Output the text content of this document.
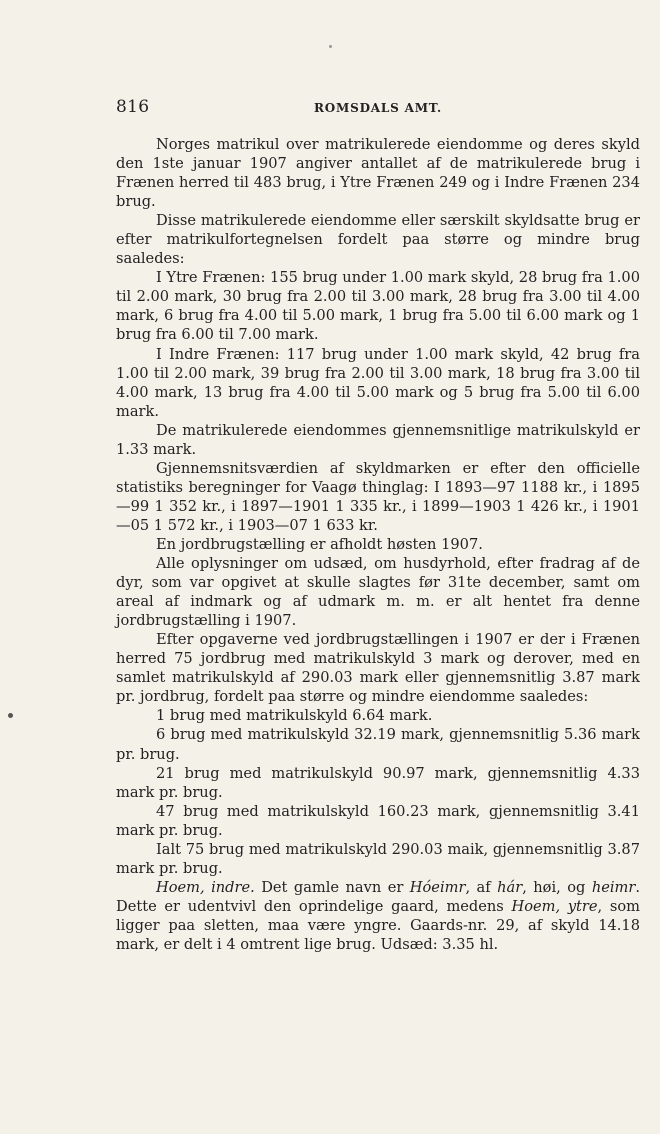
816	ROMSDALS AMT.

Norges matrikul over matrikulerede eiendomme og deres skyld den 1ste januar 1907 angiver antallet af de matrikulerede brug i Frænen herred til 483 brug, i Ytre Frænen 249 og i Indre Frænen 234 brug.

Disse matrikulerede eiendomme eller særskilt skyldsatte brug er efter matrikulfortegnelsen fordelt paa større og mindre brug saaledes:

I Ytre Frænen: 155 brug under 1.00 mark skyld, 28 brug fra 1.00 til 2.00 mark, 30 brug fra 2.00 til 3.00 mark, 28 brug fra 3.00 til 4.00 mark, 6 brug fra 4.00 til 5.00 mark, 1 brug fra 5.00 til 6.00 mark og 1 brug fra 6.00 til 7.00 mark.

I Indre Frænen: 117 brug under 1.00 mark skyld, 42 brug fra 1.00 til 2.00 mark, 39 brug fra 2.00 til 3.00 mark, 18 brug fra 3.00 til 4.00 mark, 13 brug fra 4.00 til 5.00 mark og 5 brug fra 5.00 til 6.00 mark.

De matrikulerede eiendommes gjennemsnitlige matrikulskyld er 1.33 mark.

Gjennemsnitsværdien af skyldmarken er efter den officielle statistiks beregninger for Vaagø thinglag: I 1893—97 1188 kr., i 1895—99 1 352 kr., i 1897—1901 1 335 kr., i 1899—1903 1 426 kr., i 1901—05 1 572 kr., i 1903—07 1 633 kr.

En jordbrugstælling er afholdt høsten 1907.

Alle oplysninger om udsæd, om husdyrhold, efter fradrag af de dyr, som var opgivet at skulle slagtes før 31te december, samt om areal af indmark og af udmark m. m. er alt hentet fra denne jordbrugstælling i 1907.

Efter opgaverne ved jordbrugstællingen i 1907 er der i Frænen herred 75 jordbrug med matrikulskyld 3 mark og derover, med en samlet matrikulskyld af 290.03 mark eller gjennemsnitlig 3.87 mark pr. jordbrug, fordelt paa større og mindre eiendomme saaledes:

1 brug med matrikulskyld 6.64 mark.

6 brug med matrikulskyld 32.19 mark, gjennemsnitlig 5.36 mark pr. brug.

21 brug med matrikulskyld 90.97 mark, gjennemsnitlig 4.33 mark pr. brug.

47 brug med matrikulskyld 160.23 mark, gjennemsnitlig 3.41 mark pr. brug.

Ialt 75 brug med matrikulskyld 290.03 maik, gjennemsnitlig 3.87 mark pr. brug.

Hoem, indre. Det gamle navn er Hóeimr, af hár, høi, og heimr. Dette er udentvivl den oprindelige gaard, medens Hoem, ytre, som ligger paa sletten, maa være yngre. Gaards-nr. 29, af skyld 14.18 mark, er delt i 4 omtrent lige brug. Udsæd: 3.35 hl.
